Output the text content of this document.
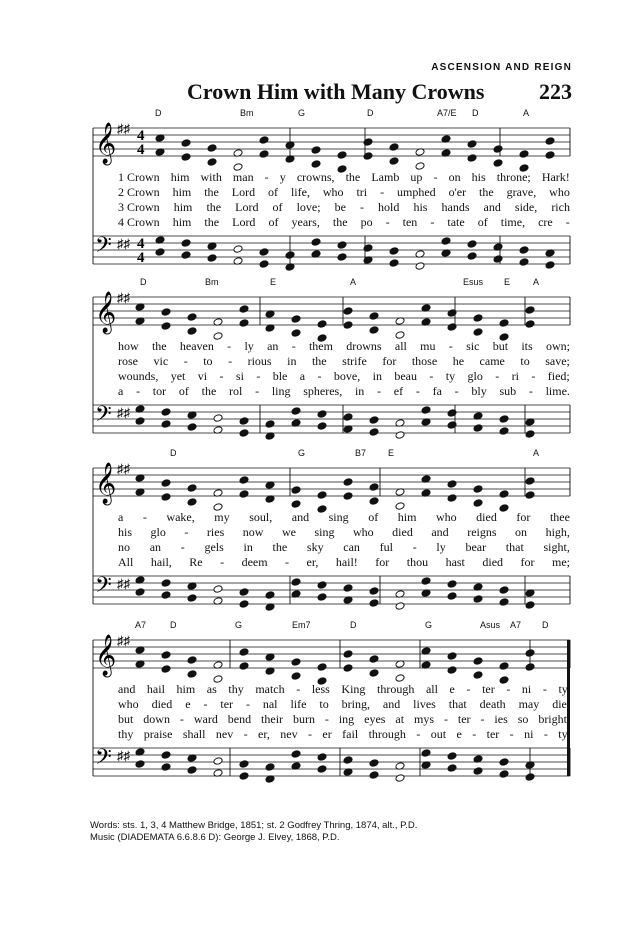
ASCENSION AND REIGN
Crown Him with Many Crowns 223
D	Bm	G	D	A7/E D	A
𝄞 ♯♯
𝄢 ♯♯
4
4
4
4
1 Crown him with man - y crowns, the Lamb up - on his throne; Hark!
2 Crown him the Lord of life, who tri - umphed o'er the grave, who
3 Crown him the Lord of love; be - hold his hands and side, rich
4 Crown him the Lord of years, the po - ten - tate of time, cre -
D	Bm	E	A	Esus E	A
𝄞 ♯♯
𝄢 ♯♯
how the heaven - ly an - them drowns all mu - sic but its own;
rose vic - to - rious in the strife for those he came to save;
wounds, yet vi - si - ble a - bove, in beau - ty glo - ri - fied;
a - tor of the rol - ling spheres, in - ef - fa - bly sub - lime.
D	G	B7 E	A
𝄞 ♯♯
𝄢 ♯♯
a - wake, my soul, and sing of him who died for thee
his glo - ries now we sing who died and reigns on high,
no an - gels in the sky can ful - ly bear that sight,
All hail, Re - deem - er, hail! for thou hast died for me;
A7	D	G	Em7	D	G	Asus A7 D
𝄞 ♯♯
𝄢 ♯♯
and hail him as thy match - less King through all e - ter - ni - ty.
who died e - ter - nal life to bring, and lives that death may die.
but down - ward bend their burn - ing eyes at mys - ter - ies so bright.
thy praise shall nev - er, nev - er fail through - out e - ter - ni - ty.
Words: sts. 1, 3, 4 Matthew Bridge, 1851; st. 2 Godfrey Thring, 1874, alt., P.D.
Music (DIADEMATA 6.6.8.6 D): George J. Elvey, 1868, P.D.
